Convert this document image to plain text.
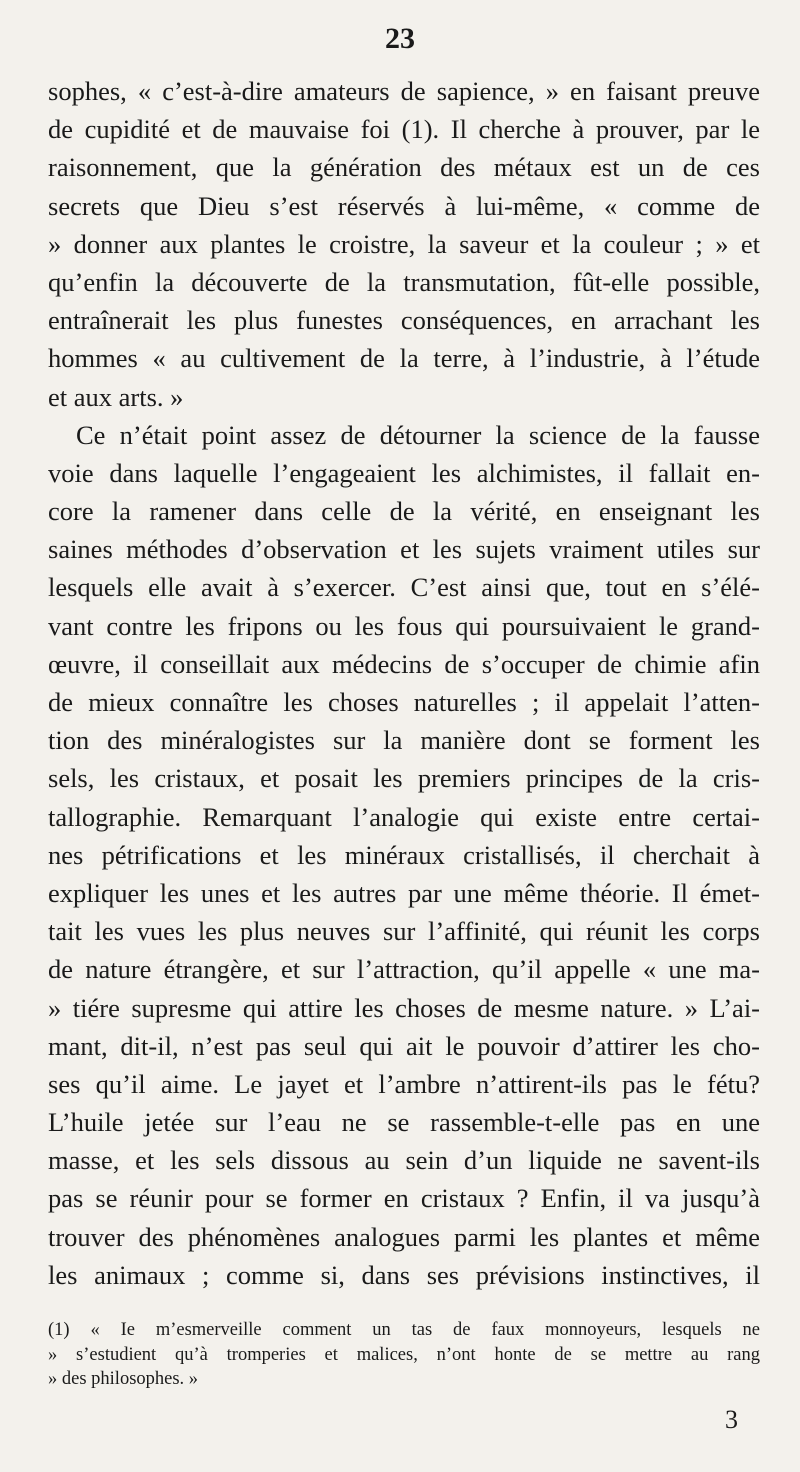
23
sophes, « c’est-à-dire amateurs de sapience, » en faisant preuve
de cupidité et de mauvaise foi (1). Il cherche à prouver, par le
raisonnement, que la génération des métaux est un de ces
secrets que Dieu s’est réservés à lui-même, « comme de
» donner aux plantes le croistre, la saveur et la couleur ; » et
qu’enfin la découverte de la transmutation, fût-elle possible,
entraînerait les plus funestes conséquences, en arrachant les
hommes « au cultivement de la terre, à l’industrie, à l’étude
et aux arts. »
Ce n’était point assez de détourner la science de la fausse
voie dans laquelle l’engageaient les alchimistes, il fallait en-
core la ramener dans celle de la vérité, en enseignant les
saines méthodes d’observation et les sujets vraiment utiles sur
lesquels elle avait à s’exercer. C’est ainsi que, tout en s’élé-
vant contre les fripons ou les fous qui poursuivaient le grand-
œuvre, il conseillait aux médecins de s’occuper de chimie afin
de mieux connaître les choses naturelles ; il appelait l’atten-
tion des minéralogistes sur la manière dont se forment les
sels, les cristaux, et posait les premiers principes de la cris-
tallographie. Remarquant l’analogie qui existe entre certai-
nes pétrifications et les minéraux cristallisés, il cherchait à
expliquer les unes et les autres par une même théorie. Il émet-
tait les vues les plus neuves sur l’affinité, qui réunit les corps
de nature étrangère, et sur l’attraction, qu’il appelle « une ma-
» tiére supresme qui attire les choses de mesme nature. » L’ai-
mant, dit-il, n’est pas seul qui ait le pouvoir d’attirer les cho-
ses qu’il aime. Le jayet et l’ambre n’attirent-ils pas le fétu?
L’huile jetée sur l’eau ne se rassemble-t-elle pas en une
masse, et les sels dissous au sein d’un liquide ne savent-ils
pas se réunir pour se former en cristaux ? Enfin, il va jusqu’à
trouver des phénomènes analogues parmi les plantes et même
les animaux ; comme si, dans ses prévisions instinctives, il
(1) « Ie m’esmerveille comment un tas de faux monnoyeurs, lesquels ne
» s’estudient qu’à tromperies et malices, n’ont honte de se mettre au rang
» des philosophes. »
3
